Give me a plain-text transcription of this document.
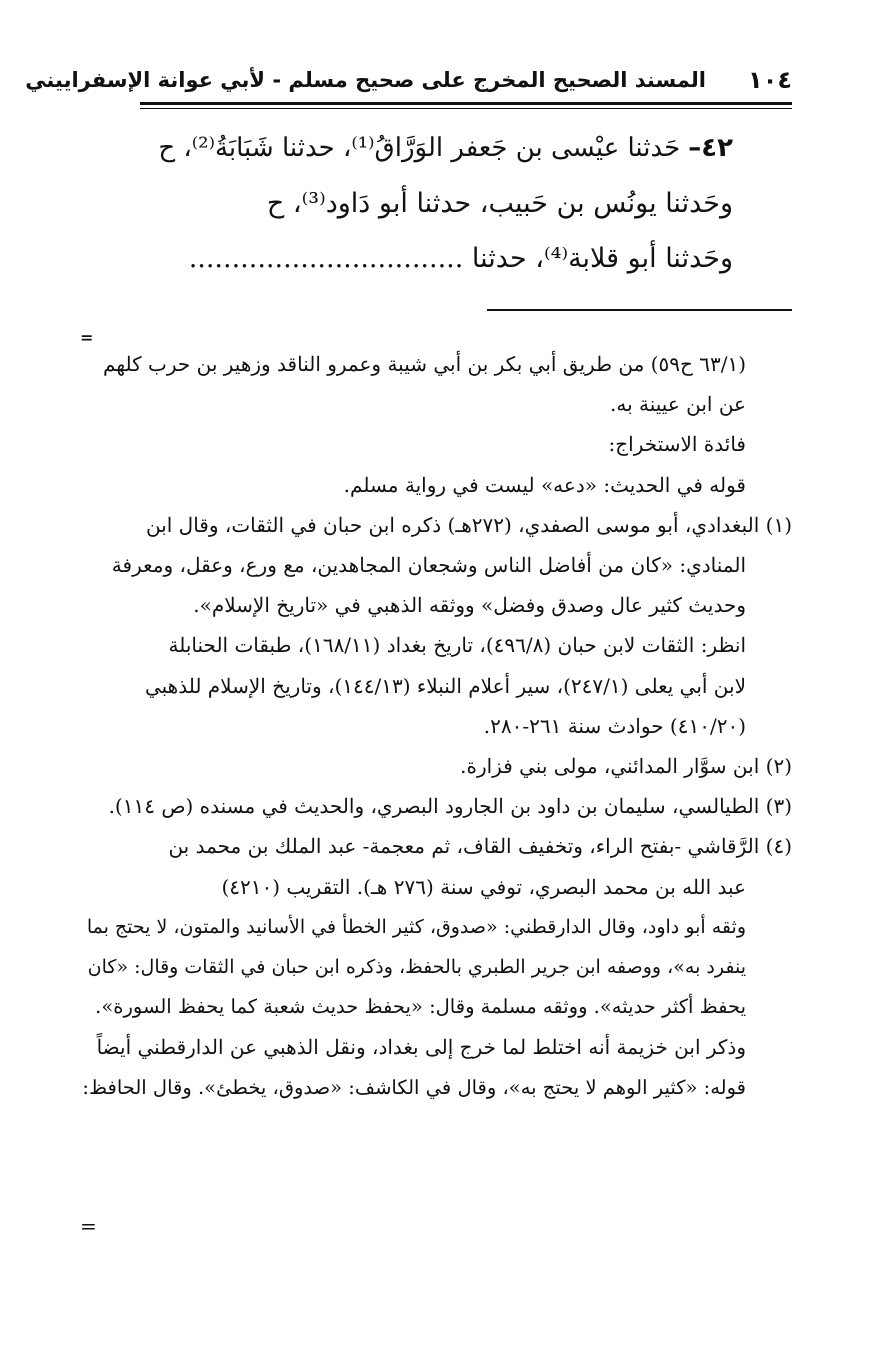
١٠٤
المسند الصحيح المخرج على صحيح مسلم - لأبي عوانة الإسفراييني
٤٢–حَدثنا عيْسى بن جَعفر الوَرَّاقُ⁽¹⁾، حدثنا شَبَابَةُ⁽²⁾، ح
وحَدثنا يونُس بن حَبيب، حدثنا أبو دَاود⁽³⁾، ح
وحَدثنا أبو قلابة⁽⁴⁾، حدثنا ................................
=
(٦٣/١ ح٥٩) من طريق أبي بكر بن أبي شيبة وعمرو الناقد وزهير بن حرب كلهم
عن ابن عيينة به.
فائدة الاستخراج:
قوله في الحديث: «دعه» ليست في رواية مسلم.
(١) البغدادي، أبو موسى الصفدي، (٢٧٢هـ) ذكره ابن حبان في الثقات، وقال ابن
المنادي: «كان من أفاضل الناس وشجعان المجاهدين، مع ورع، وعقل، ومعرفة
وحديث كثير عال وصدق وفضل» ووثقه الذهبي في «تاريخ الإسلام».
انظر: الثقات لابن حبان (٤٩٦/٨)، تاريخ بغداد (١٦٨/١١)، طبقات الحنابلة
لابن أبي يعلى (٢٤٧/١)، سير أعلام النبلاء (١٤٤/١٣)، وتاريخ الإسلام للذهبي
(٤١٠/٢٠) حوادث سنة ٢٦١-٢٨٠.
(٢) ابن سوَّار المدائني، مولى بني فزارة.
(٣) الطيالسي، سليمان بن داود بن الجارود البصري، والحديث في مسنده (ص ١١٤).
(٤) الرَّقاشي -بفتح الراء، وتخفيف القاف، ثم معجمة- عبد الملك بن محمد بن
عبد الله بن محمد البصري، توفي سنة (٢٧٦ هـ). التقريب (٤٢١٠)
وثقه أبو داود، وقال الدارقطني: «صدوق، كثير الخطأ في الأسانيد والمتون، لا يحتج بما
ينفرد به»، ووصفه ابن جرير الطبري بالحفظ، وذكره ابن حبان في الثقات وقال: «كان
يحفظ أكثر حديثه». ووثقه مسلمة وقال: «يحفظ حديث شعبة كما يحفظ السورة».
وذكر ابن خزيمة أنه اختلط لما خرج إلى بغداد، ونقل الذهبي عن الدارقطني أيضاً
قوله: «كثير الوهم لا يحتج به»، وقال في الكاشف: «صدوق، يخطئ». وقال الحافظ:
=
